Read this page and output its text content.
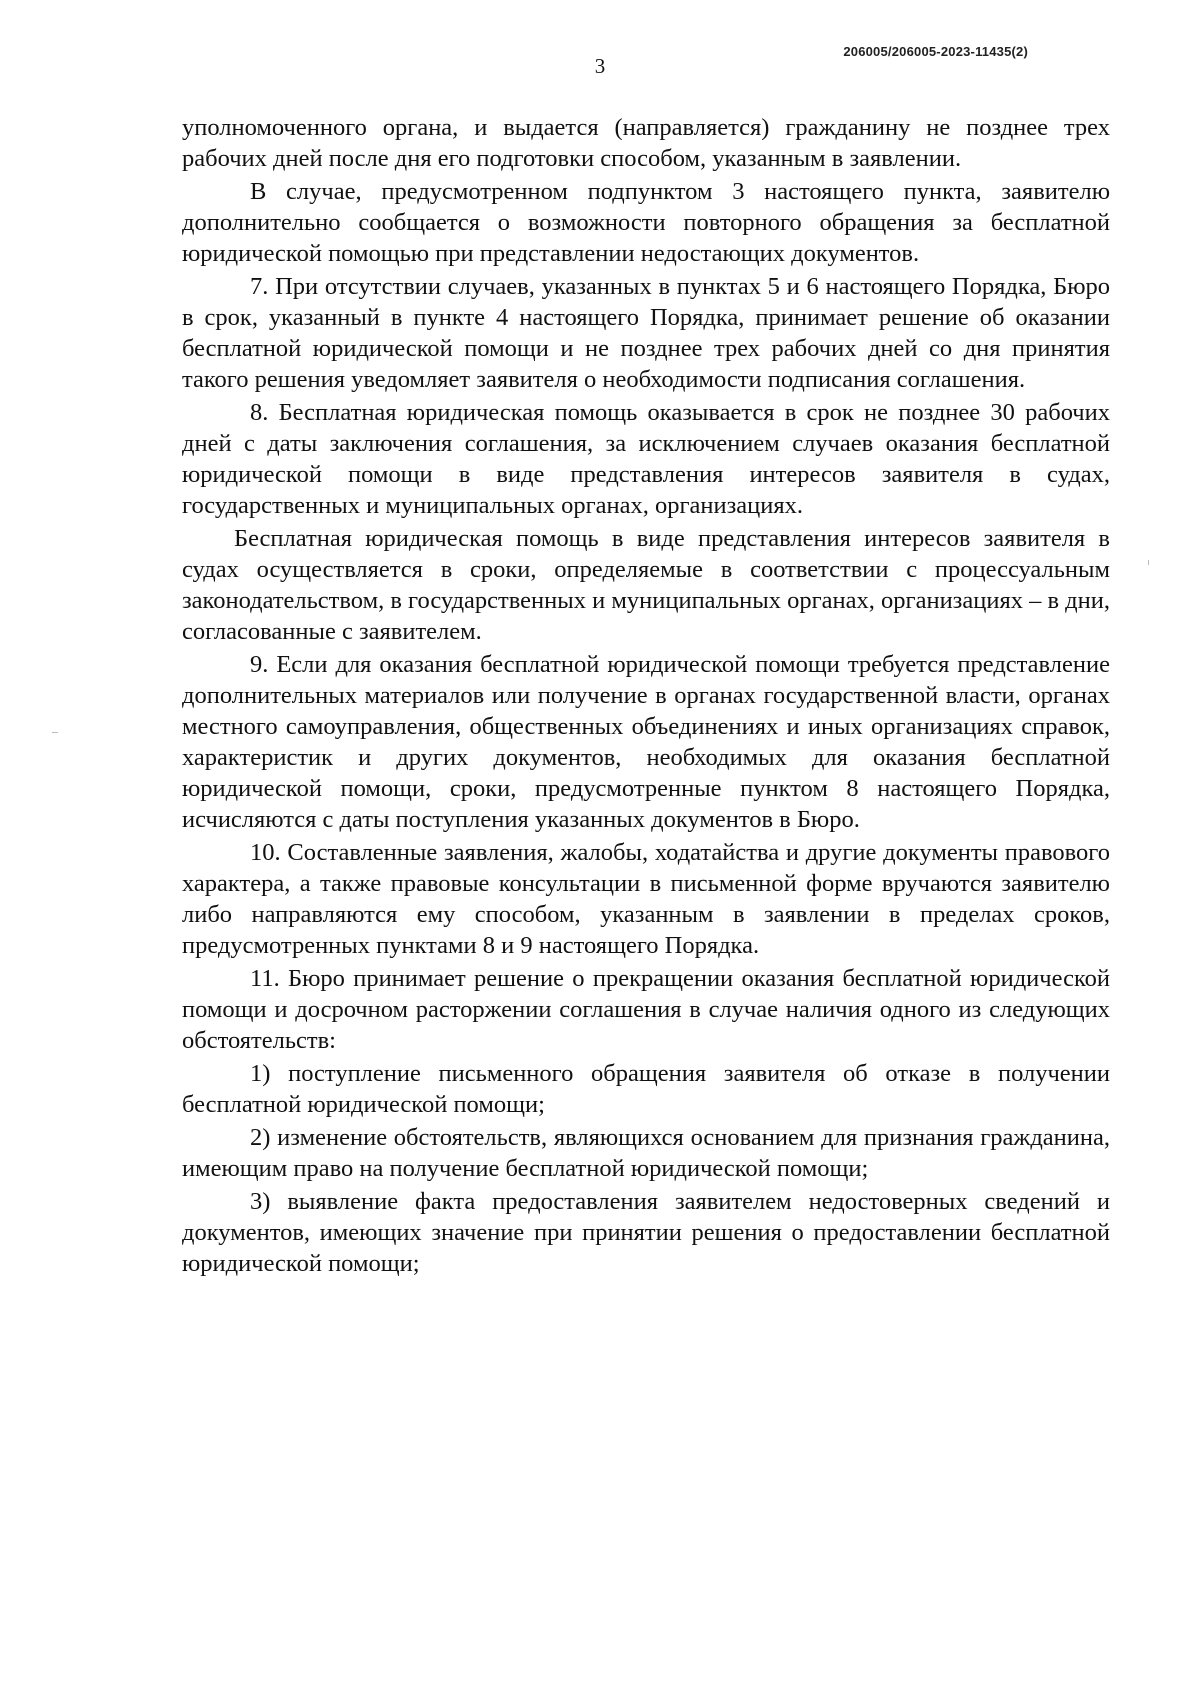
206005/206005-2023-11435(2)
3

уполномоченного органа, и выдается (направляется) гражданину не позднее трех рабочих дней после дня его подготовки способом, указанным в заявлении.

В случае, предусмотренном подпунктом 3 настоящего пункта, заявителю дополнительно сообщается о возможности повторного обращения за бесплатной юридической помощью при представлении недостающих документов.

7. При отсутствии случаев, указанных в пунктах 5 и 6 настоящего Порядка, Бюро в срок, указанный в пункте 4 настоящего Порядка, принимает решение об оказании бесплатной юридической помощи и не позднее трех рабочих дней со дня принятия такого решения уведомляет заявителя о необходимости подписания соглашения.

8. Бесплатная юридическая помощь оказывается в срок не позднее 30 рабочих дней с даты заключения соглашения, за исключением случаев оказания бесплатной юридической помощи в виде представления интересов заявителя в судах, государственных и муниципальных органах, организациях.

Бесплатная юридическая помощь в виде представления интересов заявителя в судах осуществляется в сроки, определяемые в соответствии с процессуальным законодательством, в государственных и муниципальных органах, организациях – в дни, согласованные с заявителем.

9. Если для оказания бесплатной юридической помощи требуется представление дополнительных материалов или получение в органах государственной власти, органах местного самоуправления, общественных объединениях и иных организациях справок, характеристик и других документов, необходимых для оказания бесплатной юридической помощи, сроки, предусмотренные пунктом 8 настоящего Порядка, исчисляются с даты поступления указанных документов в Бюро.

10. Составленные заявления, жалобы, ходатайства и другие документы правового характера, а также правовые консультации в письменной форме вручаются заявителю либо направляются ему способом, указанным в заявлении в пределах сроков, предусмотренных пунктами 8 и 9 настоящего Порядка.

11. Бюро принимает решение о прекращении оказания бесплатной юридической помощи и досрочном расторжении соглашения в случае наличия одного из следующих обстоятельств:

1) поступление письменного обращения заявителя об отказе в получении бесплатной юридической помощи;

2) изменение обстоятельств, являющихся основанием для признания гражданина, имеющим право на получение бесплатной юридической помощи;

3) выявление факта предоставления заявителем недостоверных сведений и документов, имеющих значение при принятии решения о предоставлении бесплатной юридической помощи;
